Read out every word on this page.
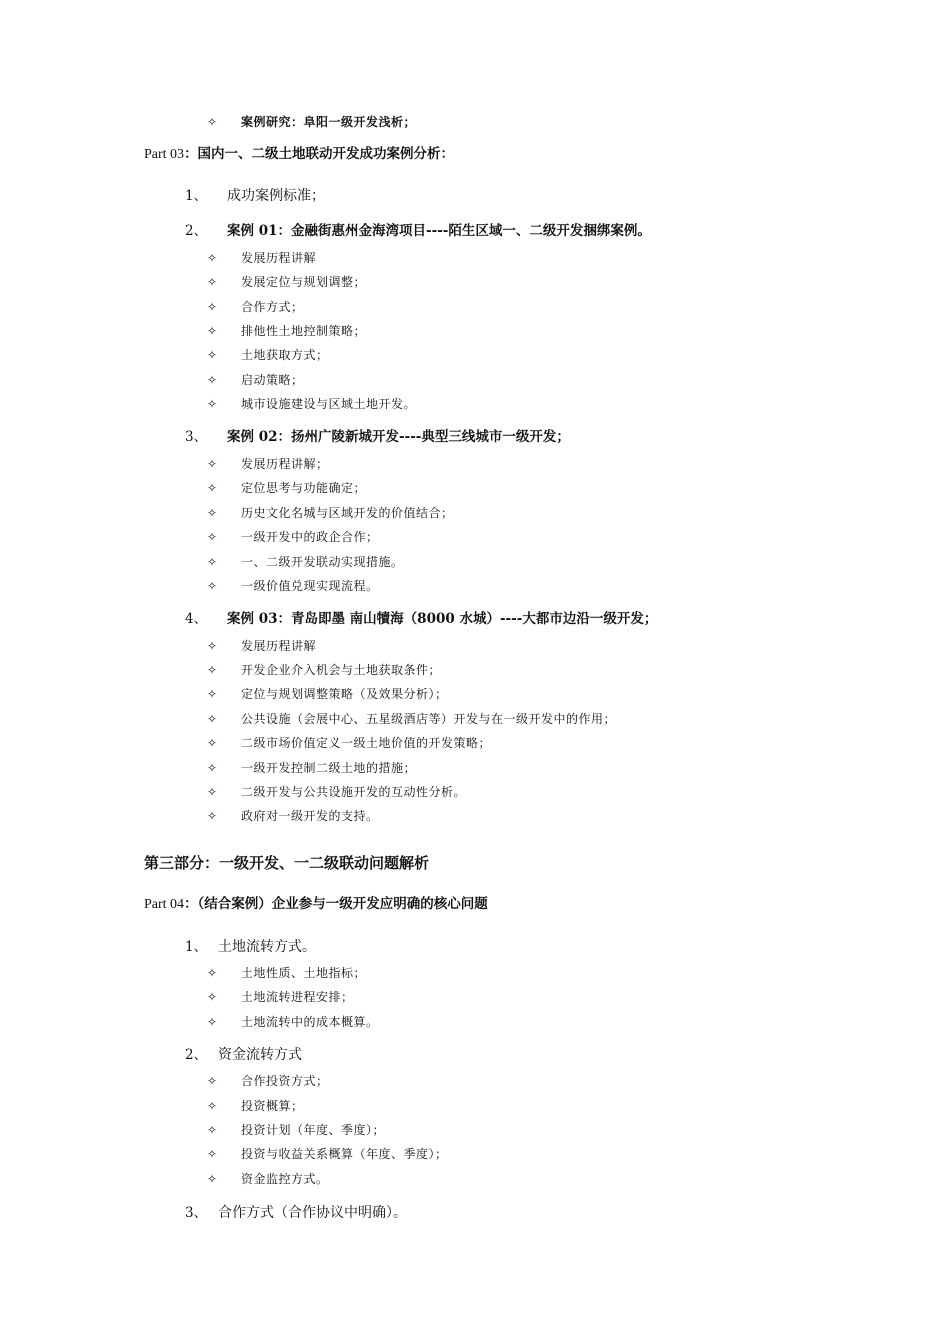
✧ 案例研究：阜阳一级开发浅析；
Part 03：国内一、二级土地联动开发成功案例分析：
1、 成功案例标准；
2、 案例 01：金融街惠州金海湾项目----陌生区域一、二级开发捆绑案例。
✧ 发展历程讲解
✧ 发展定位与规划调整；
✧ 合作方式；
✧ 排他性土地控制策略；
✧ 土地获取方式；
✧ 启动策略；
✧ 城市设施建设与区域土地开发。
3、 案例 02：扬州广陵新城开发----典型三线城市一级开发；
✧ 发展历程讲解；
✧ 定位思考与功能确定；
✧ 历史文化名城与区域开发的价值结合；
✧ 一级开发中的政企合作；
✧ 一、二级开发联动实现措施。
✧ 一级价值兑现实现流程。
4、 案例 03：青岛即墨 南山犢海（8000 水城）----大都市边沿一级开发；
✧ 发展历程讲解
✧ 开发企业介入机会与土地获取条件；
✧ 定位与规划调整策略（及效果分析）；
✧ 公共设施（会展中心、五星级酒店等）开发与在一级开发中的作用；
✧ 二级市场价值定义一级土地价值的开发策略；
✧ 一级开发控制二级土地的措施；
✧ 二级开发与公共设施开发的互动性分析。
✧ 政府对一级开发的支持。
第三部分：一级开发、一二级联动问题解析
Part 04：（结合案例）企业参与一级开发应明确的核心问题
1、 土地流转方式。
✧ 土地性质、土地指标；
✧ 土地流转进程安排；
✧ 土地流转中的成本概算。
2、 资金流转方式
✧ 合作投资方式；
✧ 投资概算；
✧ 投资计划（年度、季度）；
✧ 投资与收益关系概算（年度、季度）；
✧ 资金监控方式。
3、 合作方式（合作协议中明确）。
